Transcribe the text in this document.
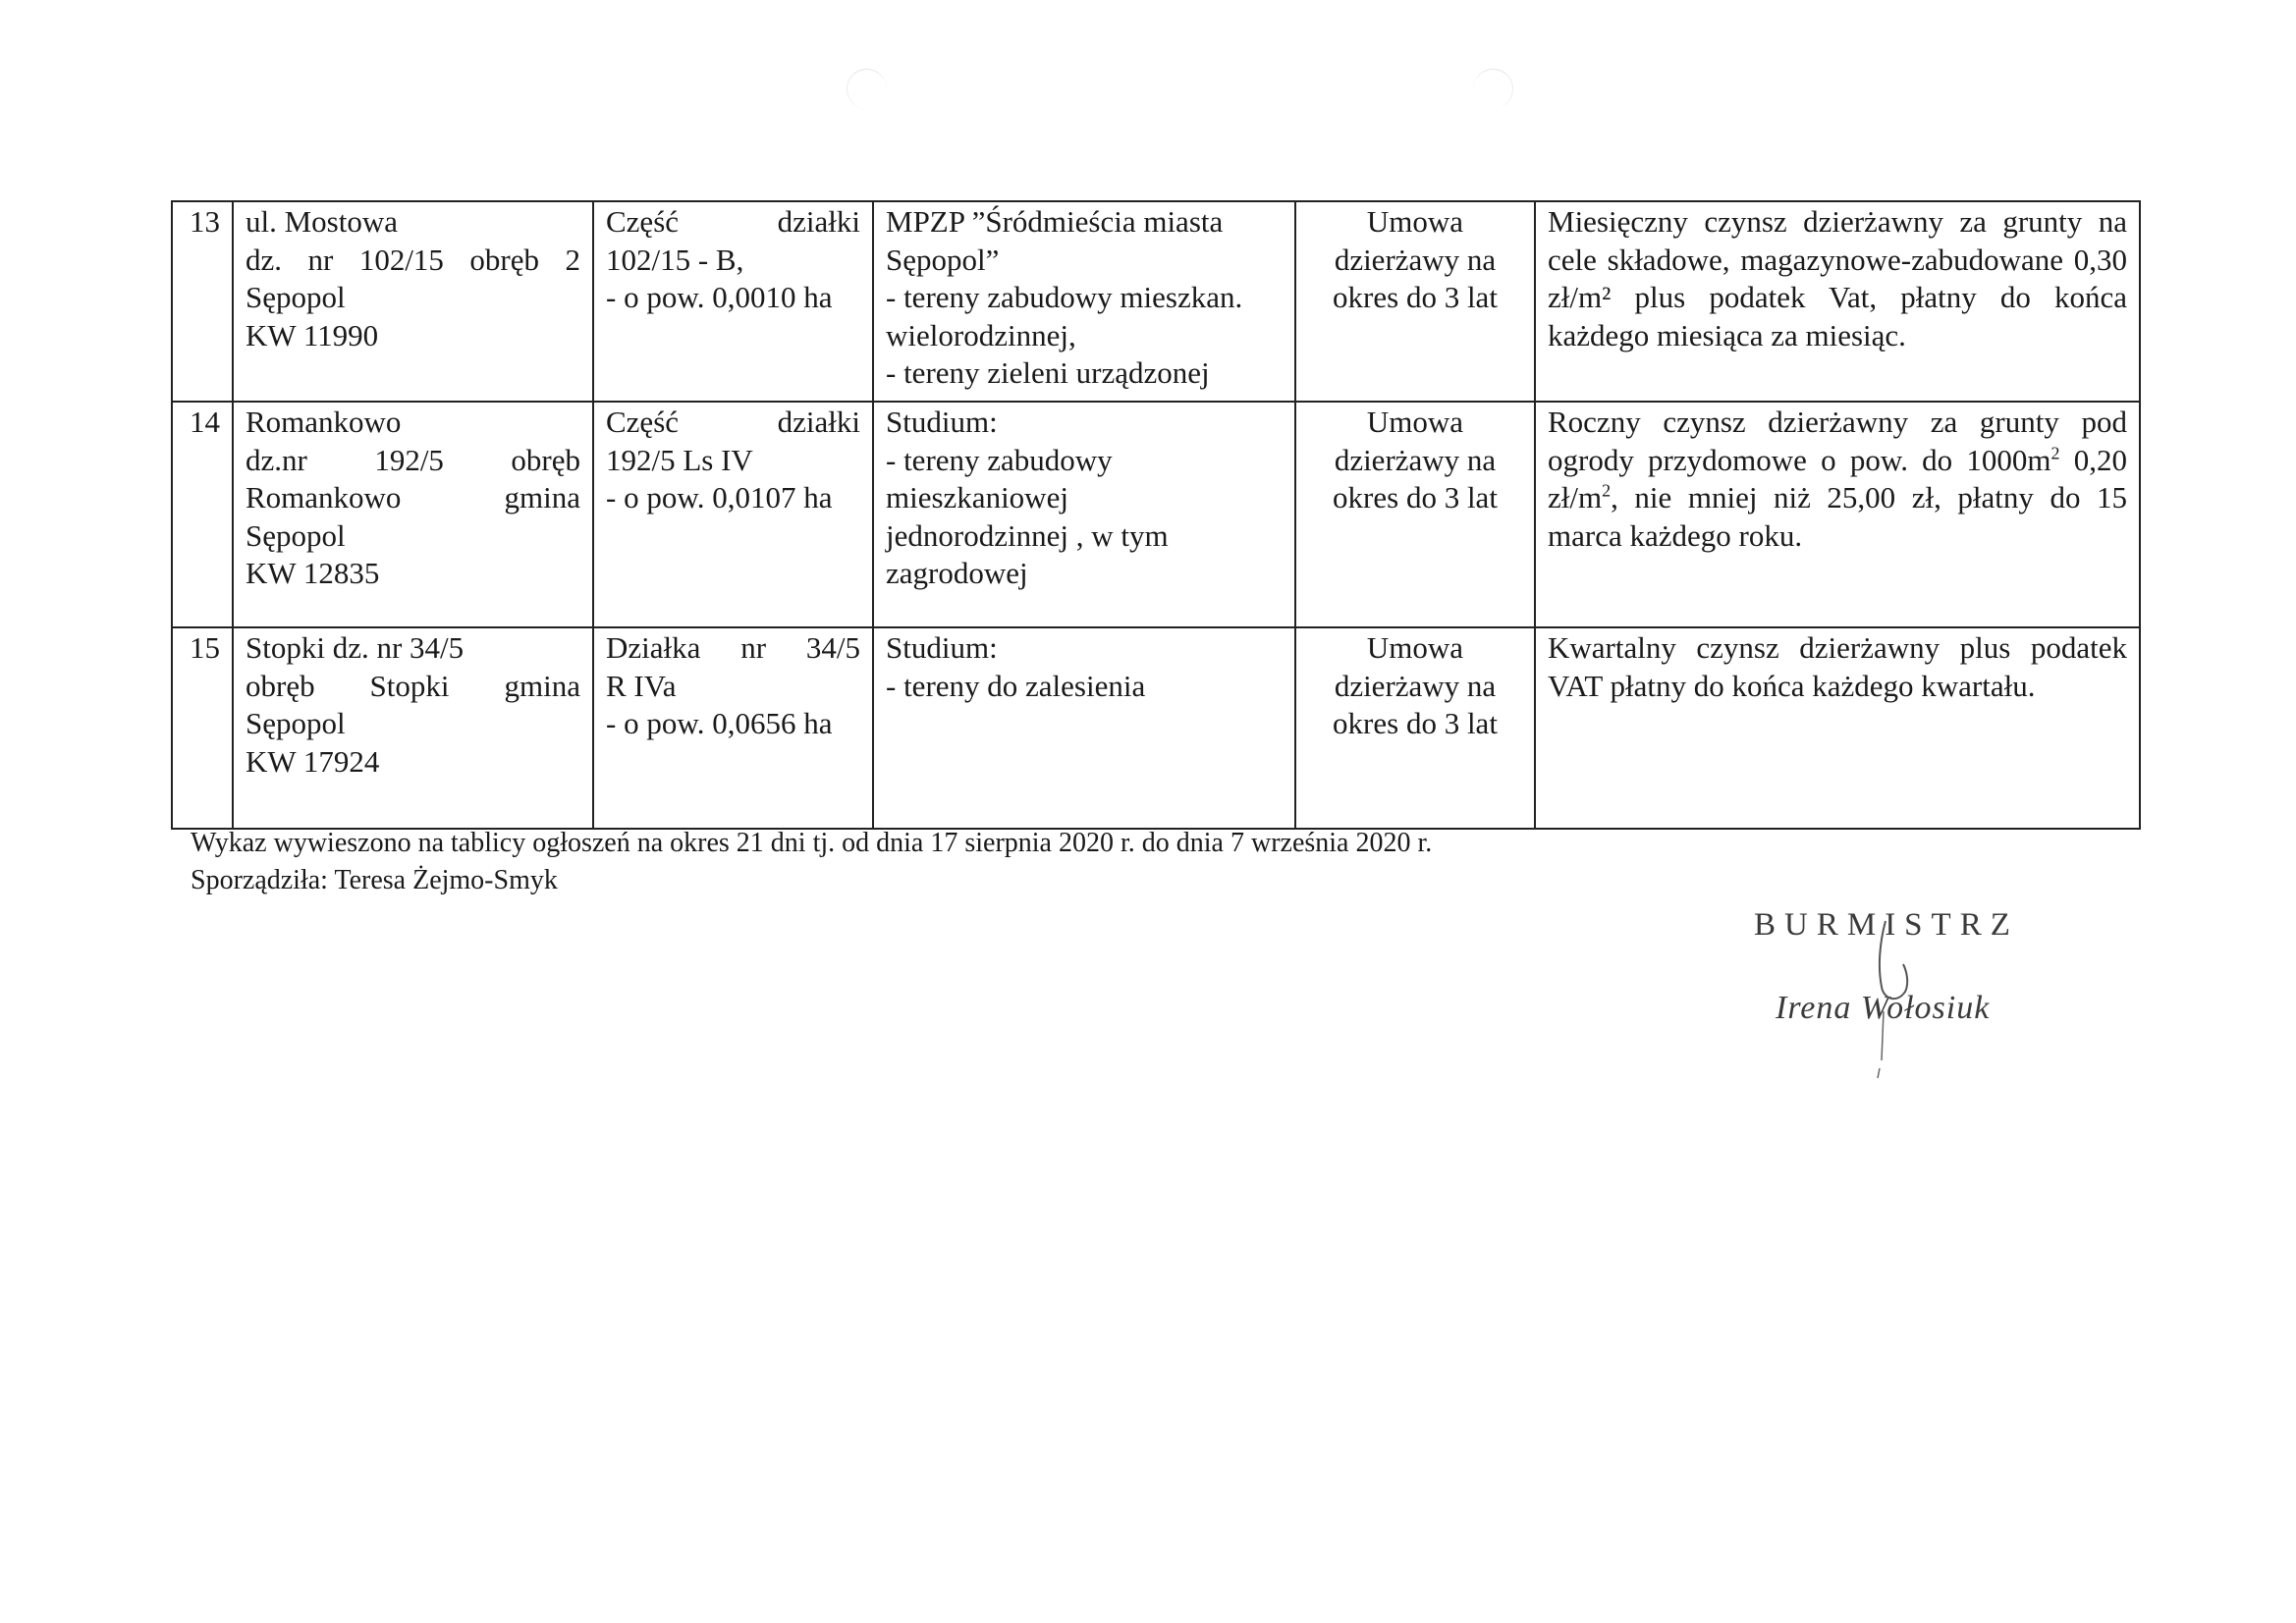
13	ul. Mostowa
dz. nr 102/15 obręb 2
Sępopol
KW 11990	Część działki
102/15 - B,
- o pow. 0,0010 ha	MPZP ”Śródmieścia miasta
Sępopol”
- tereny zabudowy mieszkan.
wielorodzinnej,
- tereny zieleni urządzonej	Umowa
dzierżawy na
okres do 3 lat	Miesięczny czynsz dzierżawny za grunty na cele składowe, magazynowe-zabudowane 0,30 zł/m² plus podatek Vat, płatny do końca każdego miesiąca za miesiąc.
14	Romankowo
dz.nr 192/5 obręb
Romankowo gmina
Sępopol
KW 12835	Część działki
192/5 Ls IV
- o pow. 0,0107 ha	Studium:
- tereny zabudowy
mieszkaniowej
jednorodzinnej , w tym
zagrodowej	Umowa
dzierżawy na
okres do 3 lat	Roczny czynsz dzierżawny za grunty pod ogrody przydomowe o pow. do $1000m^2$ 0,20 $zł/m^2$, nie mniej niż 25,00 zł, płatny do 15 marca każdego roku.
15	Stopki dz. nr 34/5
obręb Stopki gmina
Sępopol
KW 17924	Działka nr 34/5
R IVa
- o pow. 0,0656 ha	Studium:
- tereny do zalesienia	Umowa
dzierżawy na
okres do 3 lat	Kwartalny czynsz dzierżawny plus podatek VAT płatny do końca każdego kwartału.
Wykaz wywieszono na tablicy ogłoszeń na okres 21 dni tj. od dnia 17 sierpnia 2020 r. do dnia 7 września 2020 r.
Sporządziła: Teresa Żejmo-Smyk
BURMISTRZ
Irena Wołosiuk
